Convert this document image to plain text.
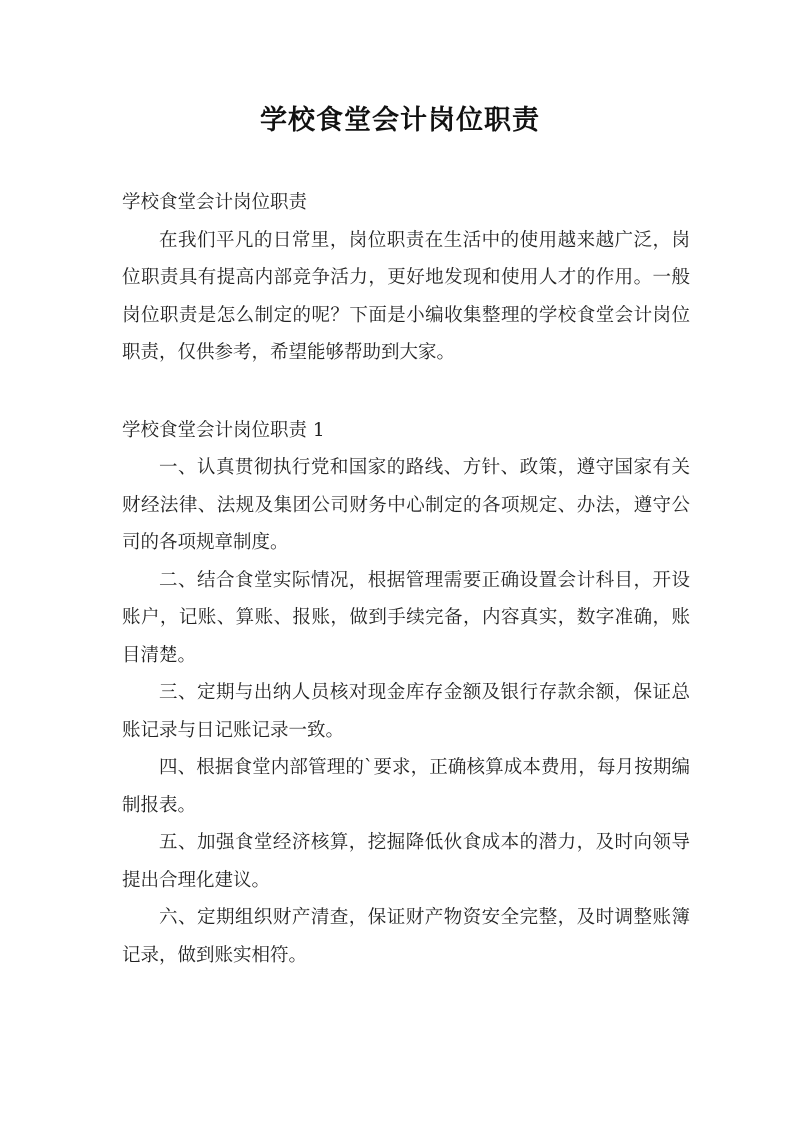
学校食堂会计岗位职责

学校食堂会计岗位职责

在我们平凡的日常里，岗位职责在生活中的使用越来越广泛，岗位职责具有提高内部竞争活力，更好地发现和使用人才的作用。一般岗位职责是怎么制定的呢？下面是小编收集整理的学校食堂会计岗位职责，仅供参考，希望能够帮助到大家。

学校食堂会计岗位职责 1

一、认真贯彻执行党和国家的路线、方针、政策，遵守国家有关财经法律、法规及集团公司财务中心制定的各项规定、办法，遵守公司的各项规章制度。

二、结合食堂实际情况，根据管理需要正确设置会计科目，开设账户，记账、算账、报账，做到手续完备，内容真实，数字准确，账目清楚。

三、定期与出纳人员核对现金库存金额及银行存款余额，保证总账记录与日记账记录一致。

四、根据食堂内部管理的`要求，正确核算成本费用，每月按期编制报表。

五、加强食堂经济核算，挖掘降低伙食成本的潜力，及时向领导提出合理化建议。

六、定期组织财产清查，保证财产物资安全完整，及时调整账簿记录，做到账实相符。
